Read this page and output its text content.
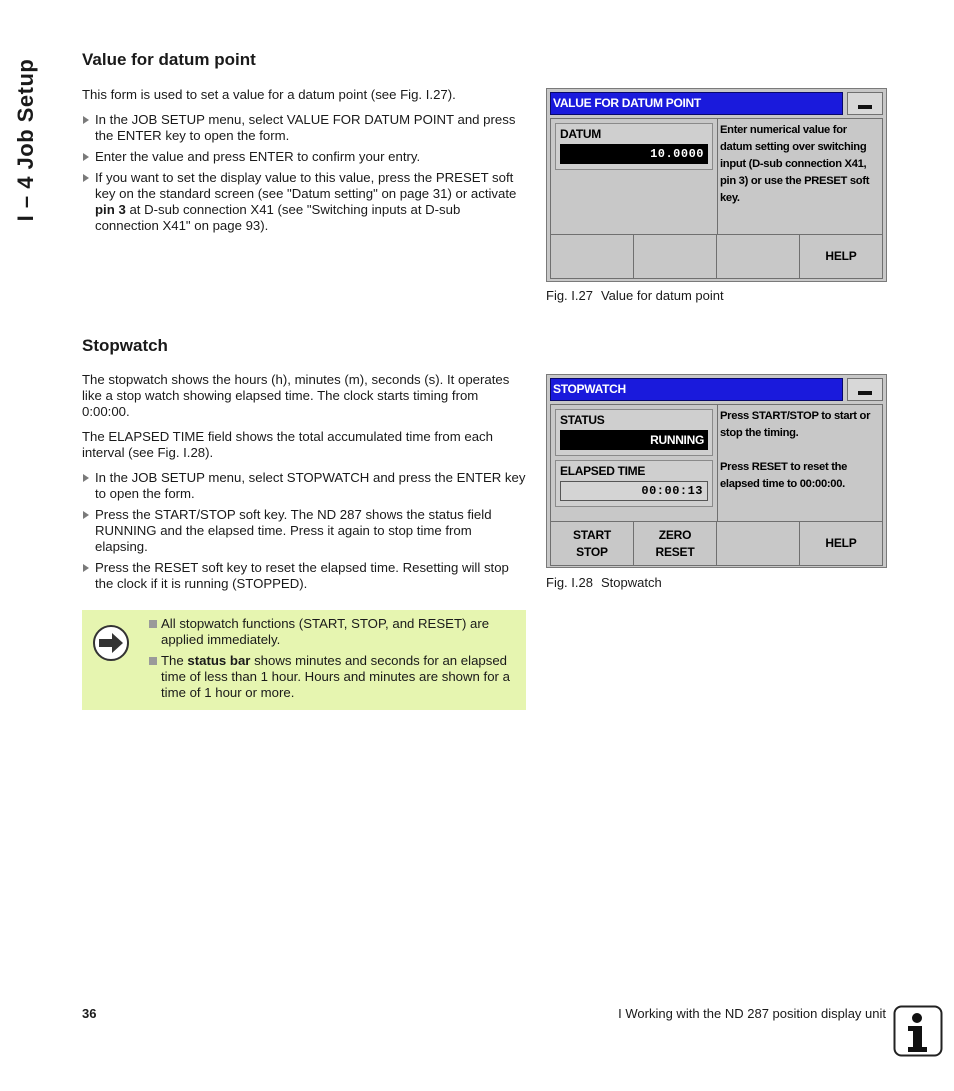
I – 4 Job Setup	Value for datum point

This form is used to set a value for a datum point (see Fig. I.27).

In the JOB SETUP menu, select VALUE FOR DATUM POINT and press the ENTER key to open the form.
Enter the value and press ENTER to confirm your entry.
If you want to set the display value to this value, press the PRESET soft key on the standard screen (see "Datum setting" on page 31) or activate pin 3 at D-sub connection X41 (see "Switching inputs at D-sub connection X41" on page 93).
VALUE FOR DATUM POINT
DATUM
10.0000
Enter numerical value for datum setting over switching input (D-sub connection X41, pin 3) or use the PRESET soft key.
HELP
Fig. I.27 Value for datum point
Stopwatch

The stopwatch shows the hours (h), minutes (m), seconds (s). It operates like a stop watch showing elapsed time. The clock starts timing from 0:00:00.

The ELAPSED TIME field shows the total accumulated time from each interval (see Fig. I.28).

In the JOB SETUP menu, select STOPWATCH and press the ENTER key to open the form.
Press the START/STOP soft key. The ND 287 shows the status field RUNNING and the elapsed time. Press it again to stop time from elapsing.
Press the RESET soft key to reset the elapsed time. Resetting will stop the clock if it is running (STOPPED).
STOPWATCH
STATUS
RUNNING
ELAPSED TIME
00:00:13
Press START/STOP to start or stop the timing.
Press RESET to reset the elapsed time to 00:00:00.
START
STOP
ZERO
RESET
HELP
Fig. I.28 Stopwatch
All stopwatch functions (START, STOP, and RESET) are applied immediately.
The status bar shows minutes and seconds for an elapsed time of less than 1 hour. Hours and minutes are shown for a time of 1 hour or more.
36	I Working with the ND 287 position display unit
